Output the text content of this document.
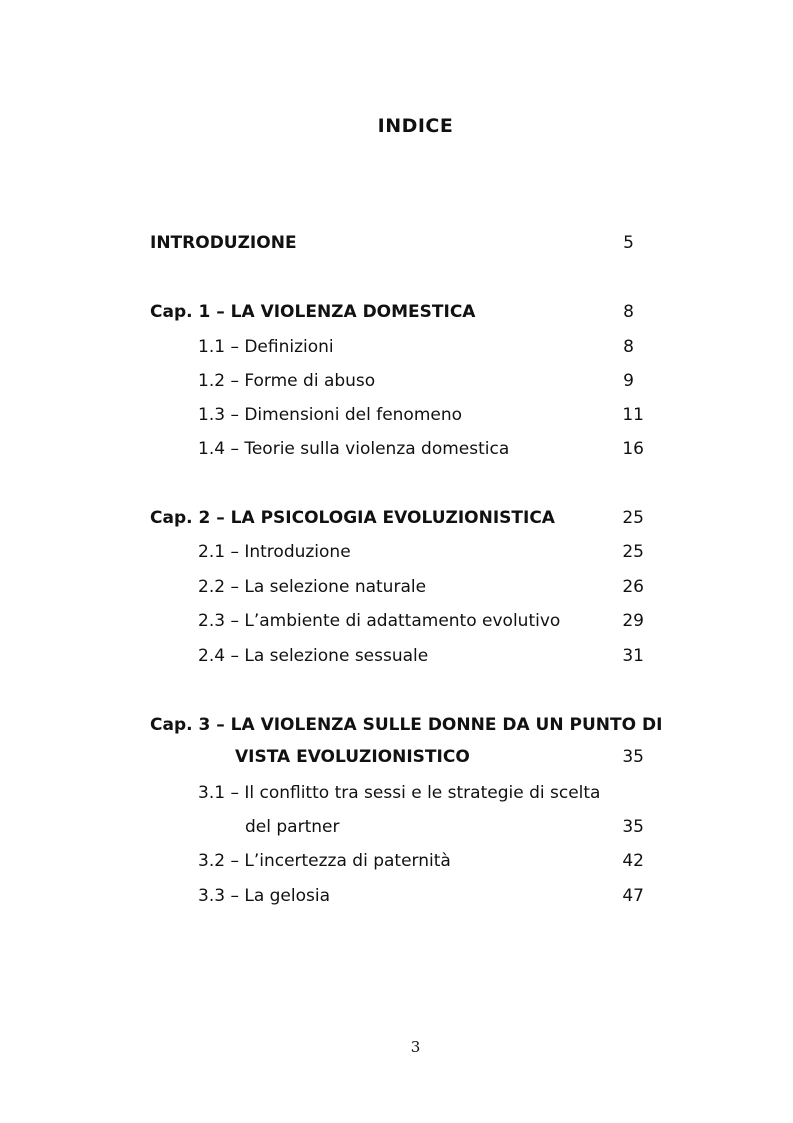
INDICE
INTRODUZIONE	5
Cap. 1 – LA VIOLENZA DOMESTICA	8
1.1 – Definizioni	8
1.2 – Forme di abuso	9
1.3 – Dimensioni del fenomeno	11
1.4 – Teorie sulla violenza domestica	16
Cap. 2 – LA PSICOLOGIA EVOLUZIONISTICA	25
2.1 – Introduzione	25
2.2 – La selezione naturale	26
2.3 – L’ambiente di adattamento evolutivo	29
2.4 – La selezione sessuale	31
Cap. 3 – LA VIOLENZA SULLE DONNE DA UN PUNTO DI
VISTA EVOLUZIONISTICO	35
3.1 – Il conflitto tra sessi e le strategie di scelta
del partner	35
3.2 – L’incertezza di paternità	42
3.3 – La gelosia	47
3
